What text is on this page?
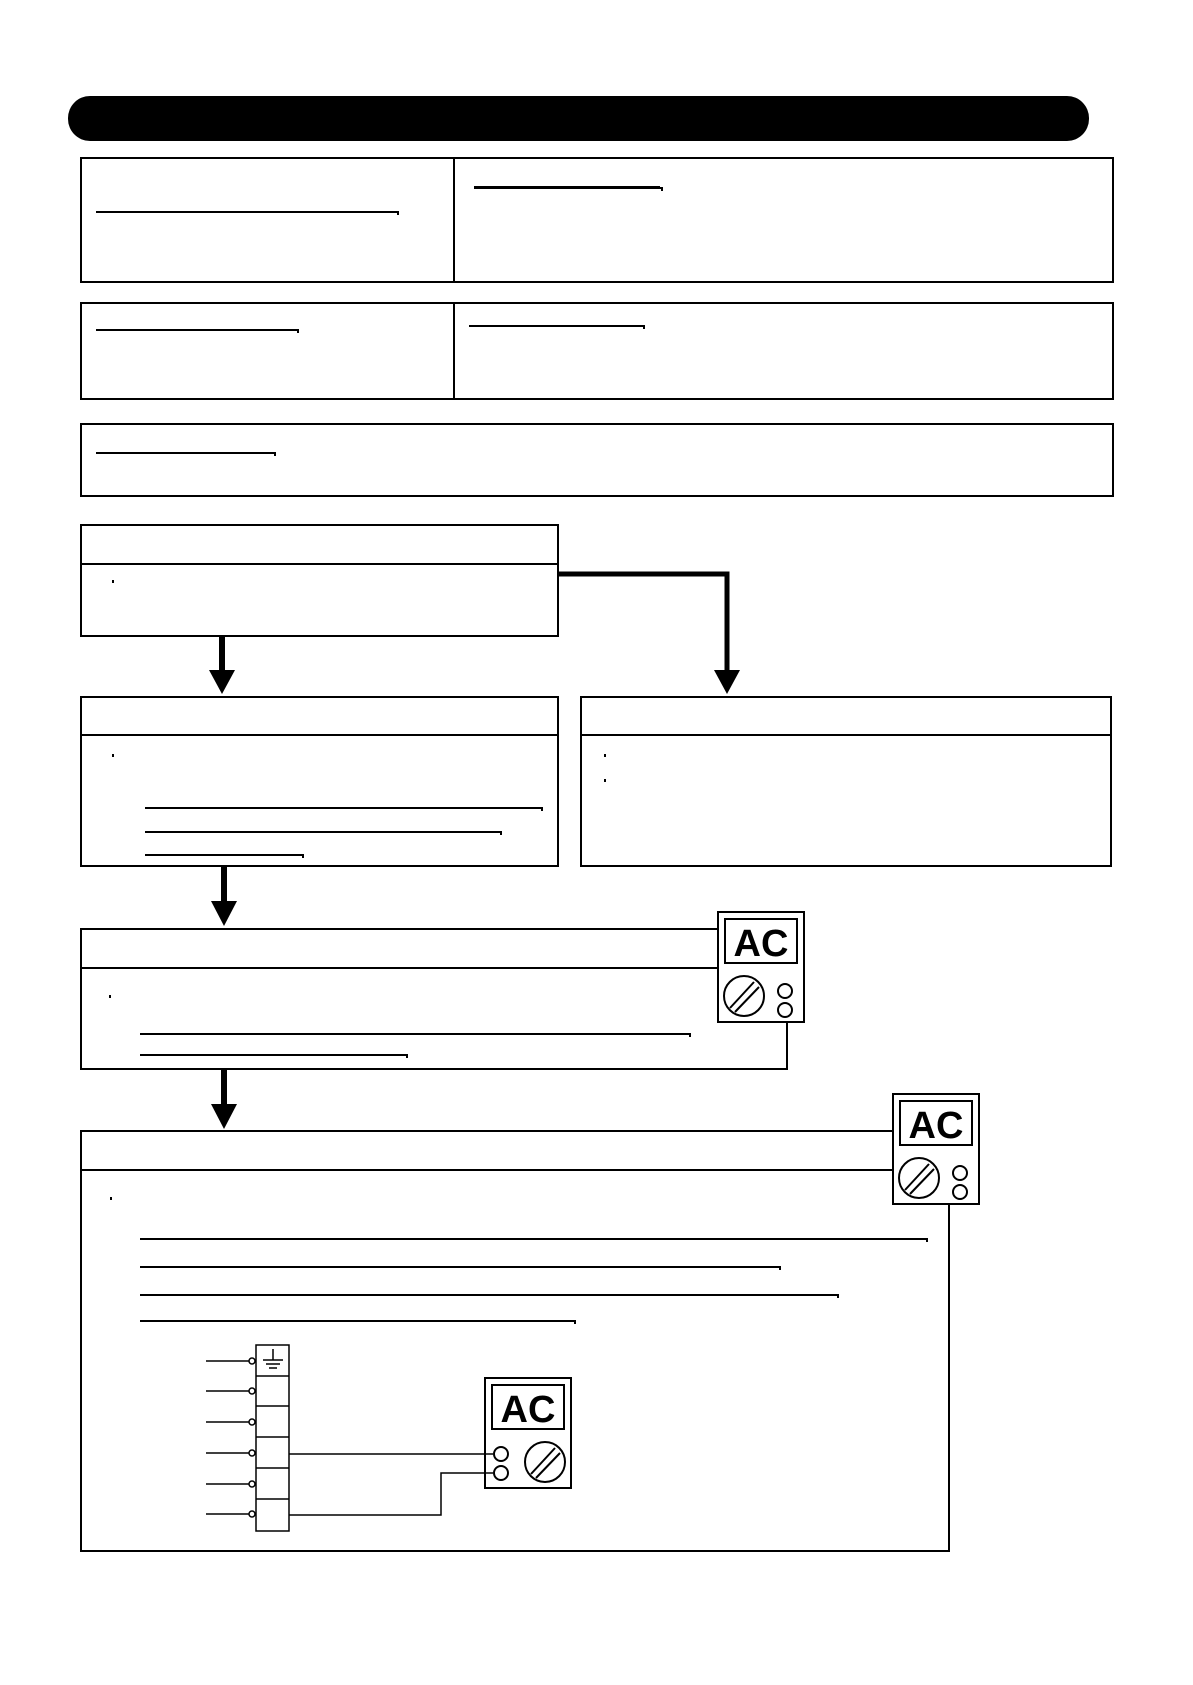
AC
AC
AC
